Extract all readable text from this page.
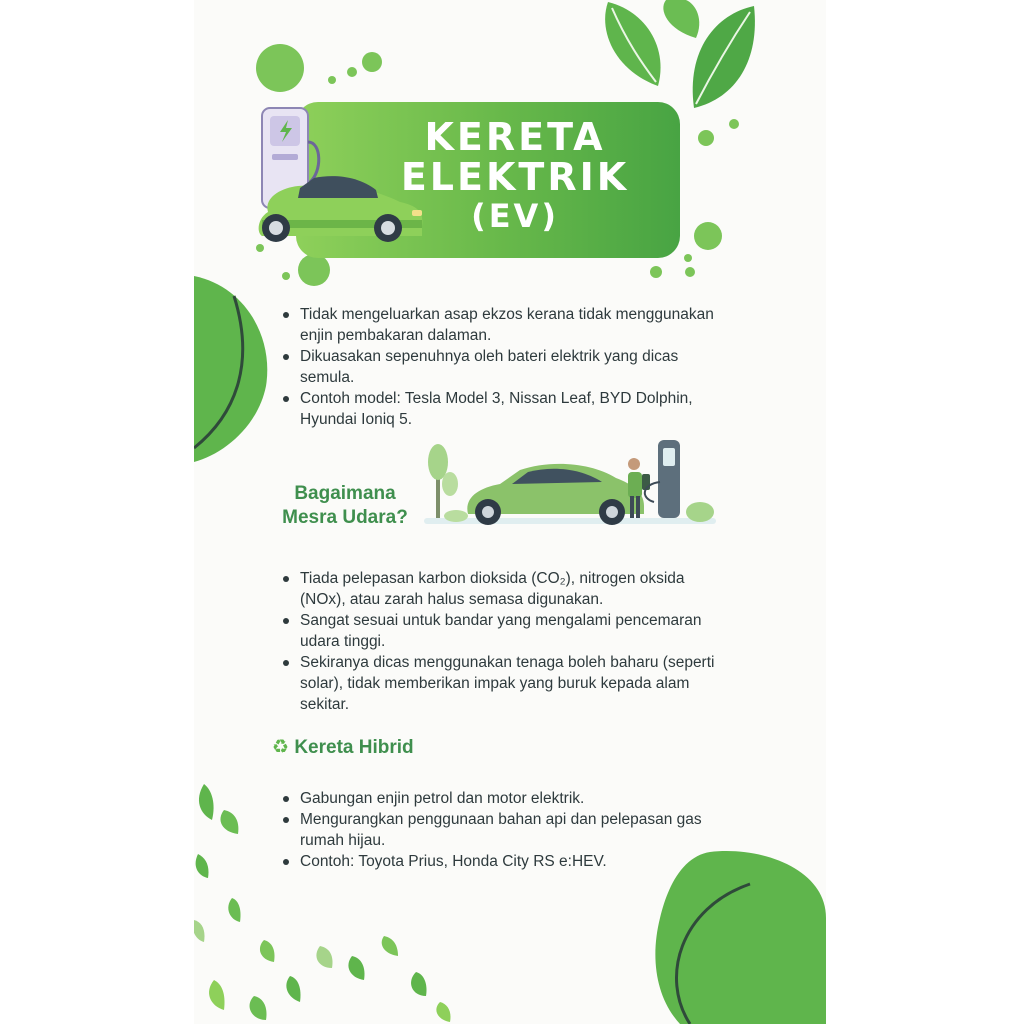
KERETA
ELEKTRIK
(EV)
Tidak mengeluarkan asap ekzos kerana tidak menggunakan enjin pembakaran dalaman.
Dikuasakan sepenuhnya oleh bateri elektrik yang dicas semula.
Contoh model: Tesla Model 3, Nissan Leaf, BYD Dolphin, Hyundai Ioniq 5.
Bagaimana
Mesra Udara?
Tiada pelepasan karbon dioksida (CO₂), nitrogen oksida (NOx), atau zarah halus semasa digunakan.
Sangat sesuai untuk bandar yang mengalami pencemaran udara tinggi.
Sekiranya dicas menggunakan tenaga boleh baharu (seperti solar), tidak memberikan impak yang buruk kepada alam sekitar.
♻ Kereta Hibrid
Gabungan enjin petrol dan motor elektrik.
Mengurangkan penggunaan bahan api dan pelepasan gas rumah hijau.
Contoh: Toyota Prius, Honda City RS e:HEV.
